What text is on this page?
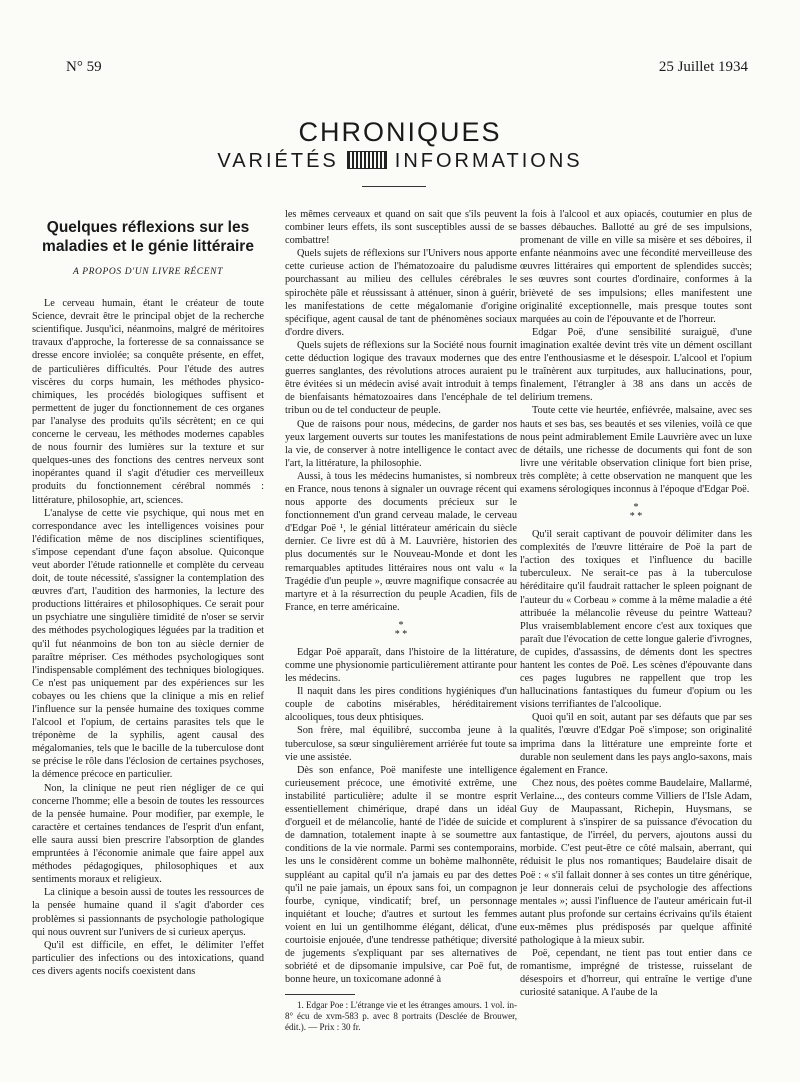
N° 59	25 Juillet 1934
CHRONIQUES
VARIÉTÉS	INFORMATIONS
Quelques réflexions sur les maladies et le génie littéraire
A PROPOS D'UN LIVRE RÉCENT

Le cerveau humain, étant le créateur de toute Science, devrait être le principal objet de la recherche scientifique. Jusqu'ici, néanmoins, malgré de méritoires travaux d'approche, la forteresse de sa connaissance se dresse encore inviolée; sa conquête présente, en effet, de particulières difficultés. Pour l'étude des autres viscères du corps humain, les méthodes physico-chimiques, les procédés biologiques suffisent et permettent de juger du fonctionnement de ces organes par l'analyse des produits qu'ils sécrètent; en ce qui concerne le cerveau, les méthodes modernes capables de nous fournir des lumières sur la texture et sur quelques-unes des fonctions des centres nerveux sont inopérantes quand il s'agit d'étudier ces merveilleux produits du fonctionnement cérébral nommés : littérature, philosophie, art, sciences.

L'analyse de cette vie psychique, qui nous met en correspondance avec les intelligences voisines pour l'édification même de nos disciplines scientifiques, s'impose cependant d'une façon absolue. Quiconque veut aborder l'étude rationnelle et complète du cerveau doit, de toute nécessité, s'assigner la contemplation des œuvres d'art, l'audition des harmonies, la lecture des productions littéraires et philosophiques. Ce serait pour un psychiatre une singulière timidité de n'oser se servir des méthodes psychologiques léguées par la tradition et qu'il fut néanmoins de bon ton au siècle dernier de paraître mépriser. Ces méthodes psychologiques sont l'indispensable complément des techniques biologiques. Ce n'est pas uniquement par des expériences sur les cobayes ou les chiens que la clinique a mis en relief l'influence sur la pensée humaine des toxiques comme l'alcool et l'opium, de certains parasites tels que le tréponème de la syphilis, agent causal des mégalomanies, tels que le bacille de la tuberculose dont se précise le rôle dans l'éclosion de certaines psychoses, la démence précoce en particulier.

Non, la clinique ne peut rien négliger de ce qui concerne l'homme; elle a besoin de toutes les ressources de la pensée humaine. Pour modifier, par exemple, le caractère et certaines tendances de l'esprit d'un enfant, elle saura aussi bien prescrire l'absorption de glandes empruntées à l'économie animale que faire appel aux méthodes pédagogiques, philosophiques et aux sentiments moraux et religieux.

La clinique a besoin aussi de toutes les ressources de la pensée humaine quand il s'agit d'aborder ces problèmes si passionnants de psychologie pathologique qui nous ouvrent sur l'univers de si curieux aperçus.

Qu'il est difficile, en effet, le délimiter l'effet particulier des infections ou des intoxications, quand ces divers agents nocifs coexistent dans

les mêmes cerveaux et quand on sait que s'ils peuvent combiner leurs effets, ils sont susceptibles aussi de se combattre!

Quels sujets de réflexions sur l'Univers nous apporte cette curieuse action de l'hématozoaire du paludisme pourchassant au milieu des cellules cérébrales le spirochète pâle et réussissant à atténuer, sinon à guérir, les manifestations de cette mégalomanie d'origine spécifique, agent causal de tant de phénomènes sociaux d'ordre divers.

Quels sujets de réflexions sur la Société nous fournit cette déduction logique des travaux modernes que des guerres sanglantes, des révolutions atroces auraient pu être évitées si un médecin avisé avait introduit à temps de bienfaisants hématozoaires dans l'encéphale de tel tribun ou de tel conducteur de peuple.

Que de raisons pour nous, médecins, de garder nos yeux largement ouverts sur toutes les manifestations de la vie, de conserver à notre intelligence le contact avec l'art, la littérature, la philosophie.

Aussi, à tous les médecins humanistes, si nombreux en France, nous tenons à signaler un ouvrage récent qui nous apporte des documents précieux sur le fonctionnement d'un grand cerveau malade, le cerveau d'Edgar Poë ¹, le génial littérateur américain du siècle dernier. Ce livre est dû à M. Lauvrière, historien des plus documentés sur le Nouveau-Monde et dont les remarquables aptitudes littéraires nous ont valu « la Tragédie d'un peuple », œuvre magnifique consacrée au martyre et à la résurrection du peuple Acadien, fils de France, en terre américaine.

*
* *

Edgar Poë apparaît, dans l'histoire de la littérature, comme une physionomie particulièrement attirante pour les médecins.

Il naquit dans les pires conditions hygiéniques d'un couple de cabotins misérables, héréditairement alcooliques, tous deux phtisiques.

Son frère, mal équilibré, succomba jeune à la tuberculose, sa sœur singulièrement arriérée fut toute sa vie une assistée.

Dès son enfance, Poë manifeste une intelligence curieusement précoce, une émotivité extrême, une instabilité particulière; adulte il se montre esprit essentiellement chimérique, drapé dans un idéal d'orgueil et de mélancolie, hanté de l'idée de suicide et de damnation, totalement inapte à se soumettre aux conditions de la vie normale. Parmi ses contemporains, les uns le considèrent comme un bohème malhonnête, suppléant au capital qu'il n'a jamais eu par des dettes qu'il ne paie jamais, un époux sans foi, un compagnon fourbe, cynique, vindicatif; bref, un personnage inquiétant et louche; d'autres et surtout les femmes voient en lui un gentilhomme élégant, délicat, d'une courtoisie enjouée, d'une tendresse pathétique; diversité de jugements s'expliquant par ses alternatives de sobriété et de dipsomanie impulsive, car Poë fut, de bonne heure, un toxicomane adonné à

1. Edgar Poe : L'étrange vie et les étranges amours. 1 vol. in-8° écu de xvm-583 p. avec 8 portraits (Desclée de Brouwer, édit.). — Prix : 30 fr.

la fois à l'alcool et aux opiacés, coutumier en plus de basses débauches. Ballotté au gré de ses impulsions, promenant de ville en ville sa misère et ses déboires, il enfante néanmoins avec une fécondité merveilleuse des œuvres littéraires qui emportent de splendides succès; ses œuvres sont courtes d'ordinaire, conformes à la brièveté de ses impulsions; elles manifestent une originalité exceptionnelle, mais presque toutes sont marquées au coin de l'épouvante et de l'horreur.

Edgar Poë, d'une sensibilité suraiguë, d'une imagination exaltée devint très vite un dément oscillant entre l'enthousiasme et le désespoir. L'alcool et l'opium le traînèrent aux turpitudes, aux hallucinations, pour, finalement, l'étrangler à 38 ans dans un accès de delirium tremens.

Toute cette vie heurtée, enfiévrée, malsaine, avec ses hauts et ses bas, ses beautés et ses vilenies, voilà ce que nous peint admirablement Emile Lauvrière avec un luxe de détails, une richesse de documents qui font de son livre une véritable observation clinique fort bien prise, très complète; à cette observation ne manquent que les examens sérologiques inconnus à l'époque d'Edgar Poë.

*
* *

Qu'il serait captivant de pouvoir délimiter dans les complexités de l'œuvre littéraire de Poë la part de l'action des toxiques et l'influence du bacille tuberculeux. Ne serait-ce pas à la tuberculose héréditaire qu'il faudrait rattacher le spleen poignant de l'auteur du « Corbeau » comme à la même maladie a été attribuée la mélancolie rêveuse du peintre Watteau? Plus vraisemblablement encore c'est aux toxiques que paraît due l'évocation de cette longue galerie d'ivrognes, de cupides, d'assassins, de déments dont les spectres hantent les contes de Poë. Les scènes d'épouvante dans ces pages lugubres ne rappellent que trop les hallucinations fantastiques du fumeur d'opium ou les visions terrifiantes de l'alcoolique.

Quoi qu'il en soit, autant par ses défauts que par ses qualités, l'œuvre d'Edgar Poë s'impose; son originalité imprima dans la littérature une empreinte forte et durable non seulement dans les pays anglo-saxons, mais également en France.

Chez nous, des poètes comme Baudelaire, Mallarmé, Verlaine..., des conteurs comme Villiers de l'Isle Adam, Guy de Maupassant, Richepin, Huysmans, se complurent à s'inspirer de sa puissance d'évocation du fantastique, de l'irréel, du pervers, ajoutons aussi du morbide. C'est peut-être ce côté malsain, aberrant, qui réduisit le plus nos romantiques; Baudelaire disait de Poë : « s'il fallait donner à ses contes un titre générique, je leur donnerais celui de psychologie des affections mentales »; aussi l'influence de l'auteur américain fut-il autant plus profonde sur certains écrivains qu'ils étaient eux-mêmes plus prédisposés par quelque affinité pathologique à la mieux subir.

Poë, cependant, ne tient pas tout entier dans ce romantisme, imprégné de tristesse, ruisselant de désespoirs et d'horreur, qui entraîne le vertige d'une curiosité satanique. A l'aube de la
